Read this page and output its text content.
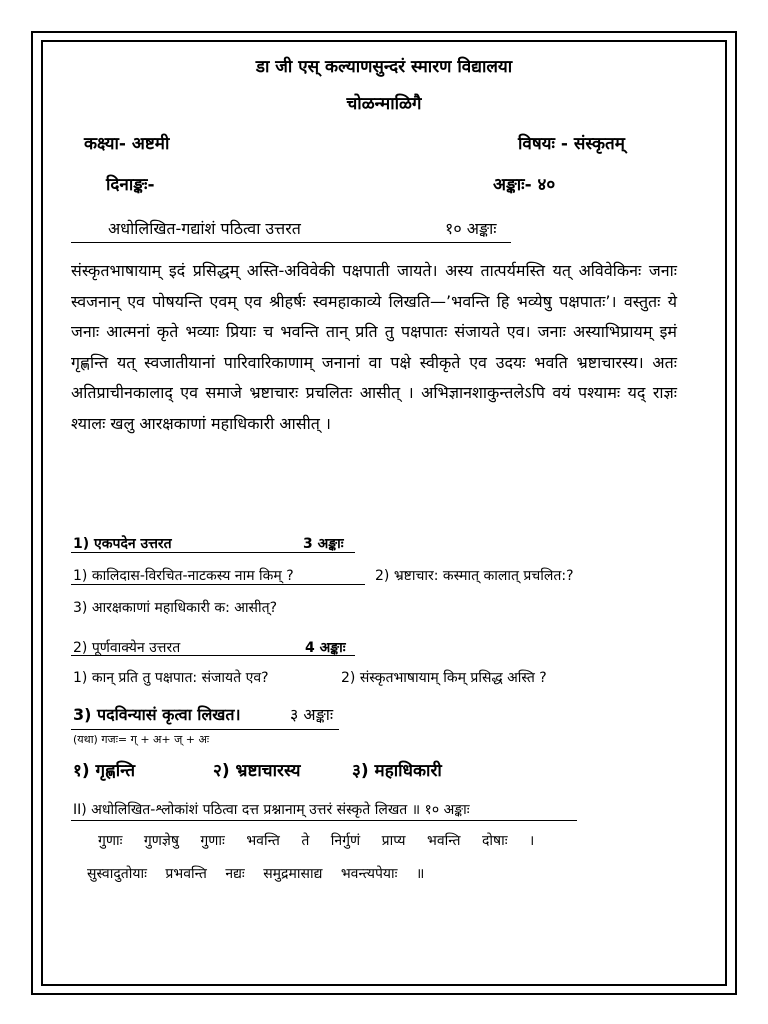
डा जी एस् कल्याणसुन्दरं स्मारण विद्यालया
चोळन्माळिगै
कक्ष्या- अष्टमी	विषयः - संस्कृतम्
दिनाङ्कः-	अङ्काः- ४०
अधोलिखित-गद्यांशं पठित्वा उत्तरत	१० अङ्काः
संस्कृतभाषायाम् इदं प्रसिद्धम् अस्ति-अविवेकी पक्षपाती जायते। अस्य तात्पर्यमस्ति यत् अविवेकिनः जनाः स्वजनान् एव पोषयन्ति एवम् एव श्रीहर्षः स्वमहाकाव्ये लिखति—’भवन्ति हि भव्येषु पक्षपातः’। वस्तुतः ये जनाः आत्मनां कृते भव्याः प्रियाः च भवन्ति तान् प्रति तु पक्षपातः संजायते एव। जनाः अस्याभिप्रायम् इमं गृह्णन्ति यत् स्वजातीयानां पारिवारिकाणाम् जनानां वा पक्षे स्वीकृते एव उदयः भवति भ्रष्टाचारस्य। अतः अतिप्राचीनकालाद् एव समाजे भ्रष्टाचारः प्रचलितः आसीत् । अभिज्ञानशाकुन्तलेऽपि वयं पश्यामः यद् राज्ञः श्यालः खलु आरक्षकाणां महाधिकारी आसीत् ।
1) एकपदेन उत्तरत	3 अङ्काः
1) कालिदास-विरचित-नाटकस्य नाम किम् ?	2) भ्रष्टाचार: कस्मात् कालात् प्रचलित:?
3) आरक्षकाणां महाधिकारी क: आसीत्?
2) पूर्णवाक्येन उत्तरत	4 अङ्काः
1) कान् प्रति तु पक्षपात: संजायते एव?	2) संस्कृतभाषायाम् किम् प्रसिद्ध अस्ति ?
3) पदविन्यासं कृत्वा लिखत।	३ अङ्काः
(यथा) गजः= ग् + अ+ ज् + अः
१) गृह्णन्ति	२) भ्रष्टाचारस्य	३) महाधिकारी
II) अधोलिखित-श्लोकांशं पठित्वा दत्त प्रश्नानाम् उत्तरं संस्कृते लिखत ॥ १० अङ्काः
गुणाः गुणज्ञेषु गुणाः भवन्ति ते निर्गुणं प्राप्य भवन्ति दोषाः ।
सुस्वादुतोयाः प्रभवन्ति नद्यः समुद्रमासाद्य भवन्त्यपेयाः ॥
